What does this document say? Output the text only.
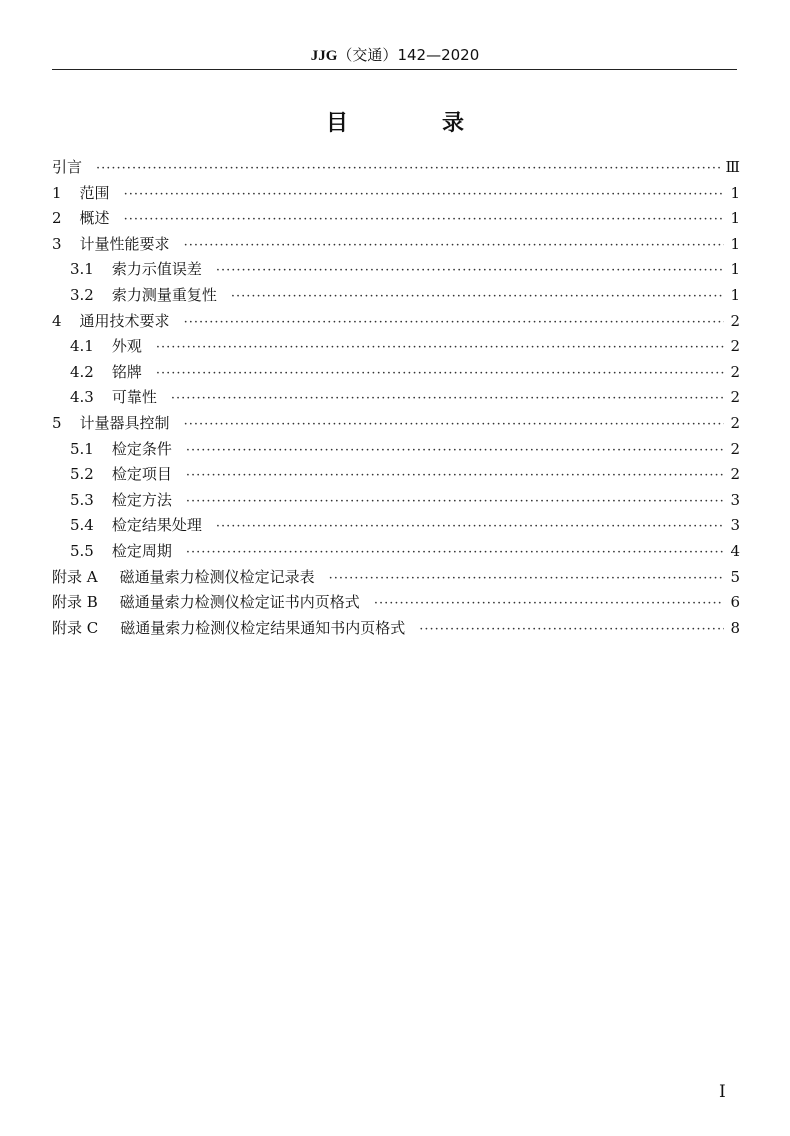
JJG（交通）142—2020
目　录
引言 ·····	Ⅲ
1 范围 ·····	1
2 概述 ·····	1
3 计量性能要求 ·····	1
3.1 索力示值误差 ·····	1
3.2 索力测量重复性 ·····	1
4 通用技术要求 ·····	2
4.1 外观 ·····	2
4.2 铭牌 ·····	2
4.3 可靠性 ·····	2
5 计量器具控制 ·····	2
5.1 检定条件 ·····	2
5.2 检定项目 ·····	2
5.3 检定方法 ·····	3
5.4 检定结果处理 ·····	3
5.5 检定周期 ·····	4
附录 A 磁通量索力检测仪检定记录表 ·····	5
附录 B 磁通量索力检测仪检定证书内页格式 ·····	6
附录 C 磁通量索力检测仪检定结果通知书内页格式 ·····	8
Ⅰ
